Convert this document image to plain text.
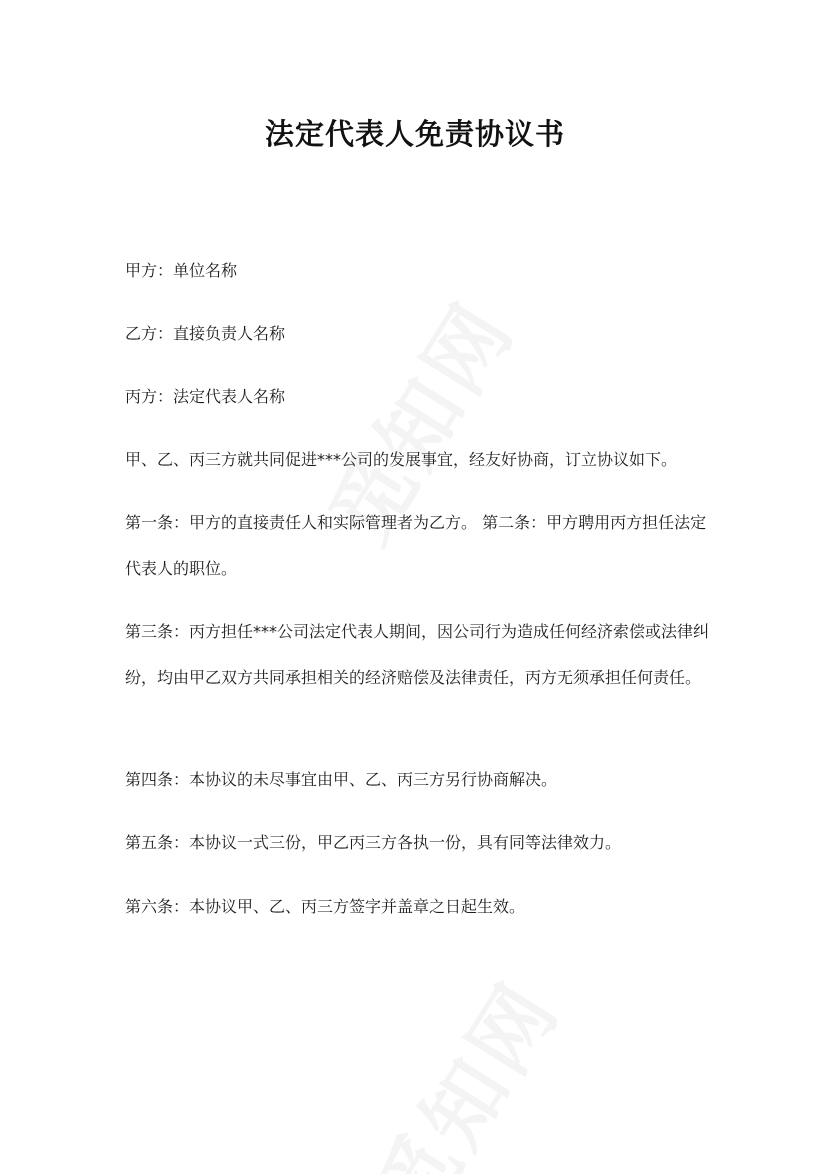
法定代表人免责协议书

甲方：单位名称

乙方：直接负责人名称

丙方：法定代表人名称

甲、乙、丙三方就共同促进***公司的发展事宜，经友好协商，订立协议如下。

第一条：甲方的直接责任人和实际管理者为乙方。 第二条：甲方聘用丙方担任法定代表人的职位。

第三条：丙方担任***公司法定代表人期间，因公司行为造成任何经济索偿或法律纠纷，均由甲乙双方共同承担相关的经济赔偿及法律责任，丙方无须承担任何责任。

第四条：本协议的未尽事宜由甲、乙、丙三方另行协商解决。

第五条：本协议一式三份，甲乙丙三方各执一份，具有同等法律效力。

第六条：本协议甲、乙、丙三方签字并盖章之日起生效。
